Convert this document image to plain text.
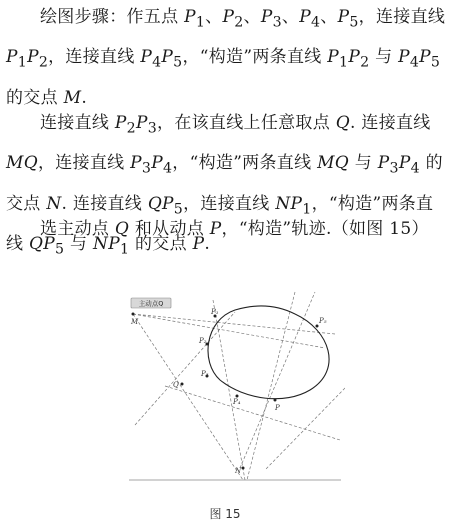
绘图步骤：作五点 $P_1$、$P_2$、$P_3$、$P_4$、$P_5$，连接直线 $P_1P_2$，连接直线 $P_4P_5$，“构造”两条直线 $P_1P_2$ 与 $P_4P_5$ 的交点 M.

连接直线 $P_2P_3$，在该直线上任意取点 Q. 连接直线 MQ，连接直线 $P_3P_4$，“构造”两条直线 MQ 与 $P_3P_4$ 的交点 N. 连接直线 $QP_5$，连接直线 $NP_1$，“构造”两条直线 $QP_5$ 与 $NP_1$ 的交点 P.

选主动点 Q 和从动点 P，“构造”轨迹.（如图 15）

主动点Q
M
P₁
P₅
P₂
P₃
Q
P₄
P
N
图 15
